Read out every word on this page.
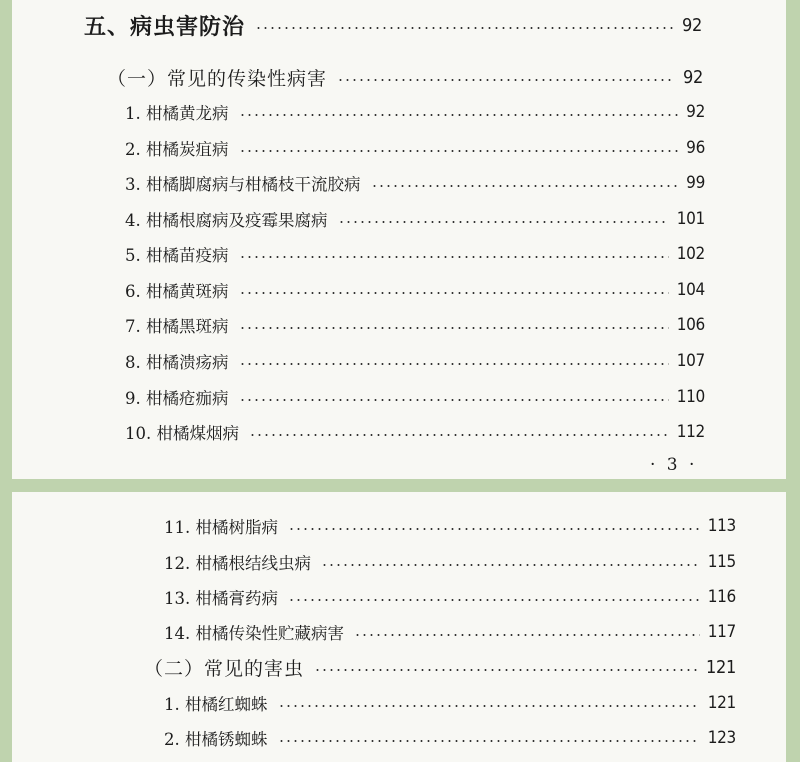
五、病虫害防治	92
（一）常见的传染性病害	92
1. 柑橘黄龙病	92
2. 柑橘炭疽病	96
3. 柑橘脚腐病与柑橘枝干流胶病	99
4. 柑橘根腐病及疫霉果腐病	101
5. 柑橘苗疫病	102
6. 柑橘黄斑病	104
7. 柑橘黑斑病	106
8. 柑橘溃疡病	107
9. 柑橘疮痂病	110
10. 柑橘煤烟病	112
· 3 ·
11. 柑橘树脂病	113
12. 柑橘根结线虫病	115
13. 柑橘膏药病	116
14. 柑橘传染性贮藏病害	117
（二）常见的害虫	121
1. 柑橘红蜘蛛	121
2. 柑橘锈蜘蛛	123
